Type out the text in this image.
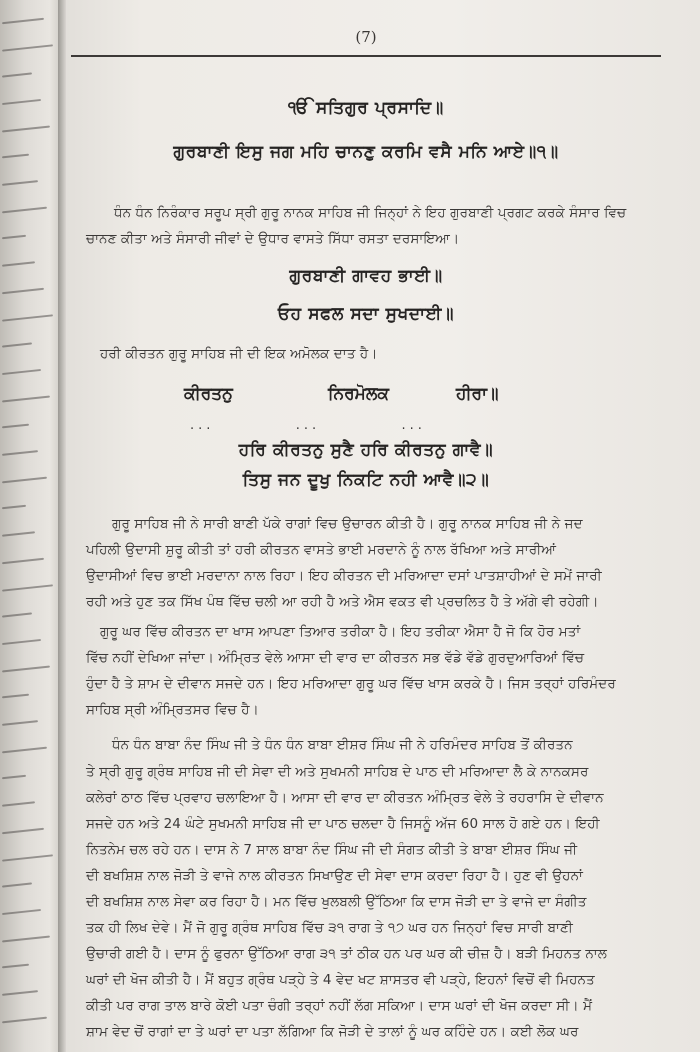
(7)
ੴ ਸਤਿਗੁਰ ਪ੍ਰਸਾਦਿ॥
ਗੁਰਬਾਣੀ ਇਸੁ ਜਗ ਮਹਿ ਚਾਨਣੁ ਕਰਮਿ ਵਸੈ ਮਨਿ ਆਏ॥੧॥
ਧੰਨ ਧੰਨ ਨਿਰੰਕਾਰ ਸਰੂਪ ਸ੍ਰੀ ਗੁਰੂ ਨਾਨਕ ਸਾਹਿਬ ਜੀ ਜਿਨ੍ਹਾਂ ਨੇ ਇਹ ਗੁਰਬਾਣੀ ਪ੍ਰਗਟ ਕਰਕੇ ਸੰਸਾਰ ਵਿਚ
ਚਾਨਣ ਕੀਤਾ ਅਤੇ ਸੰਸਾਰੀ ਜੀਵਾਂ ਦੇ ਉਧਾਰ ਵਾਸਤੇ ਸਿੱਧਾ ਰਸਤਾ ਦਰਸਾਇਆ।
ਗੁਰਬਾਣੀ ਗਾਵਹ ਭਾਈ॥
ਓਹ ਸਫਲ ਸਦਾ ਸੁਖਦਾਈ॥
ਹਰੀ ਕੀਰਤਨ ਗੁਰੂ ਸਾਹਿਬ ਜੀ ਦੀ ਇਕ ਅਮੋਲਕ ਦਾਤ ਹੈ।
ਕੀਰਤਨੁ	ਨਿਰਮੋਲਕ	ਹੀਰਾ॥
...          ...          ...
ਹਰਿ ਕੀਰਤਨੁ ਸੁਣੈ ਹਰਿ ਕੀਰਤਨੁ ਗਾਵੈ॥
ਤਿਸੁ ਜਨ ਦੂਖੁ ਨਿਕਟਿ ਨਹੀ ਆਵੈ॥੨॥
ਗੁਰੂ ਸਾਹਿਬ ਜੀ ਨੇ ਸਾਰੀ ਬਾਣੀ ਪੱਕੇ ਰਾਗਾਂ ਵਿਚ ਉਚਾਰਨ ਕੀਤੀ ਹੈ। ਗੁਰੂ ਨਾਨਕ ਸਾਹਿਬ ਜੀ ਨੇ ਜਦ
ਪਹਿਲੀ ਉਦਾਸੀ ਸ਼ੁਰੂ ਕੀਤੀ ਤਾਂ ਹਰੀ ਕੀਰਤਨ ਵਾਸਤੇ ਭਾਈ ਮਰਦਾਨੇ ਨੂੰ ਨਾਲ ਰੱਖਿਆ ਅਤੇ ਸਾਰੀਆਂ
ਉਦਾਸੀਆਂ ਵਿਚ ਭਾਈ ਮਰਦਾਨਾ ਨਾਲ ਰਿਹਾ। ਇਹ ਕੀਰਤਨ ਦੀ ਮਰਿਆਦਾ ਦਸਾਂ ਪਾਤਸ਼ਾਹੀਆਂ ਦੇ ਸਮੇਂ ਜਾਰੀ
ਰਹੀ ਅਤੇ ਹੁਣ ਤਕ ਸਿੱਖ ਪੰਥ ਵਿੱਚ ਚਲੀ ਆ ਰਹੀ ਹੈ ਅਤੇ ਐਸ ਵਕਤ ਵੀ ਪ੍ਰਚਲਿਤ ਹੈ ਤੇ ਅੱਗੇ ਵੀ ਰਹੇਗੀ।
ਗੁਰੂ ਘਰ ਵਿੱਚ ਕੀਰਤਨ ਦਾ ਖਾਸ ਆਪਣਾ ਤਿਆਰ ਤਰੀਕਾ ਹੈ। ਇਹ ਤਰੀਕਾ ਐਸਾ ਹੈ ਜੋ ਕਿ ਹੋਰ ਮਤਾਂ
ਵਿੱਚ ਨਹੀਂ ਦੇਖਿਆ ਜਾਂਦਾ। ਅੰਮ੍ਰਿਤ ਵੇਲੇ ਆਸਾ ਦੀ ਵਾਰ ਦਾ ਕੀਰਤਨ ਸਭ ਵੱਡੇ ਵੱਡੇ ਗੁਰਦੁਆਰਿਆਂ ਵਿੱਚ
ਹੁੰਦਾ ਹੈ ਤੇ ਸ਼ਾਮ ਦੇ ਦੀਵਾਨ ਸਜਦੇ ਹਨ। ਇਹ ਮਰਿਆਦਾ ਗੁਰੂ ਘਰ ਵਿੱਚ ਖਾਸ ਕਰਕੇ ਹੈ। ਜਿਸ ਤਰ੍ਹਾਂ ਹਰਿਮੰਦਰ
ਸਾਹਿਬ ਸ੍ਰੀ ਅੰਮ੍ਰਿਤਸਰ ਵਿਚ ਹੈ।
ਧੰਨ ਧੰਨ ਬਾਬਾ ਨੰਦ ਸਿੰਘ ਜੀ ਤੇ ਧੰਨ ਧੰਨ ਬਾਬਾ ਈਸ਼ਰ ਸਿੰਘ ਜੀ ਨੇ ਹਰਿਮੰਦਰ ਸਾਹਿਬ ਤੋਂ ਕੀਰਤਨ
ਤੇ ਸ੍ਰੀ ਗੁਰੂ ਗ੍ਰੰਥ ਸਾਹਿਬ ਜੀ ਦੀ ਸੇਵਾ ਦੀ ਅਤੇ ਸੁਖਮਨੀ ਸਾਹਿਬ ਦੇ ਪਾਠ ਦੀ ਮਰਿਆਦਾ ਲੈ ਕੇ ਨਾਨਕਸਰ
ਕਲੇਰਾਂ ਠਾਠ ਵਿੱਚ ਪ੍ਰਵਾਹ ਚਲਾਇਆ ਹੈ। ਆਸਾ ਦੀ ਵਾਰ ਦਾ ਕੀਰਤਨ ਅੰਮ੍ਰਿਤ ਵੇਲੇ ਤੇ ਰਹਰਾਸਿ ਦੇ ਦੀਵਾਨ
ਸਜਦੇ ਹਨ ਅਤੇ 24 ਘੰਟੇ ਸੁਖਮਨੀ ਸਾਹਿਬ ਜੀ ਦਾ ਪਾਠ ਚਲਦਾ ਹੈ ਜਿਸਨੂੰ ਅੱਜ 60 ਸਾਲ ਹੋ ਗਏ ਹਨ। ਇਹੀ
ਨਿਤਨੇਮ ਚਲ ਰਹੇ ਹਨ। ਦਾਸ ਨੇ 7 ਸਾਲ ਬਾਬਾ ਨੰਦ ਸਿੰਘ ਜੀ ਦੀ ਸੰਗਤ ਕੀਤੀ ਤੇ ਬਾਬਾ ਈਸ਼ਰ ਸਿੰਘ ਜੀ
ਦੀ ਬਖਸ਼ਿਸ਼ ਨਾਲ ਜੋੜੀ ਤੇ ਵਾਜੇ ਨਾਲ ਕੀਰਤਨ ਸਿਖਾਉਣ ਦੀ ਸੇਵਾ ਦਾਸ ਕਰਦਾ ਰਿਹਾ ਹੈ। ਹੁਣ ਵੀ ਉਹਨਾਂ
ਦੀ ਬਖਸ਼ਿਸ਼ ਨਾਲ ਸੇਵਾ ਕਰ ਰਿਹਾ ਹੈ। ਮਨ ਵਿੱਚ ਖੁਲਬਲੀ ਉੱਠਿਆ ਕਿ ਦਾਸ ਜੋੜੀ ਦਾ ਤੇ ਵਾਜੇ ਦਾ ਸੰਗੀਤ
ਤਕ ਹੀ ਲਿਖ ਦੇਵੇ। ਮੈਂ ਜੋ ਗੁਰੂ ਗ੍ਰੰਥ ਸਾਹਿਬ ਵਿੱਚ ੩੧ ਰਾਗ ਤੇ ੧੭ ਘਰ ਹਨ ਜਿਨ੍ਹਾਂ ਵਿਚ ਸਾਰੀ ਬਾਣੀ
ਉਚਾਰੀ ਗਈ ਹੈ। ਦਾਸ ਨੂੰ ਫੁਰਨਾ ਉੱਠਿਆ ਰਾਗ ੩੧ ਤਾਂ ਠੀਕ ਹਨ ਪਰ ਘਰ ਕੀ ਚੀਜ਼ ਹੈ। ਬੜੀ ਮਿਹਨਤ ਨਾਲ
ਘਰਾਂ ਦੀ ਖੋਜ ਕੀਤੀ ਹੈ। ਮੈਂ ਬਹੁਤ ਗ੍ਰੰਥ ਪੜ੍ਹੇ ਤੇ 4 ਵੇਦ ਖਟ ਸ਼ਾਸਤਰ ਵੀ ਪੜ੍ਹੇ, ਇਹਨਾਂ ਵਿਚੋਂ ਵੀ ਮਿਹਨਤ
ਕੀਤੀ ਪਰ ਰਾਗ ਤਾਲ ਬਾਰੇ ਕੋਈ ਪਤਾ ਚੰਗੀ ਤਰ੍ਹਾਂ ਨਹੀਂ ਲੱਗ ਸਕਿਆ। ਦਾਸ ਘਰਾਂ ਦੀ ਖੋਜ ਕਰਦਾ ਸੀ। ਮੈਂ
ਸ਼ਾਮ ਵੇਦ ਚੋਂ ਰਾਗਾਂ ਦਾ ਤੇ ਘਰਾਂ ਦਾ ਪਤਾ ਲੱਗਿਆ ਕਿ ਜੋੜੀ ਦੇ ਤਾਲਾਂ ਨੂੰ ਘਰ ਕਹਿੰਦੇ ਹਨ। ਕਈ ਲੋਕ ਘਰ
